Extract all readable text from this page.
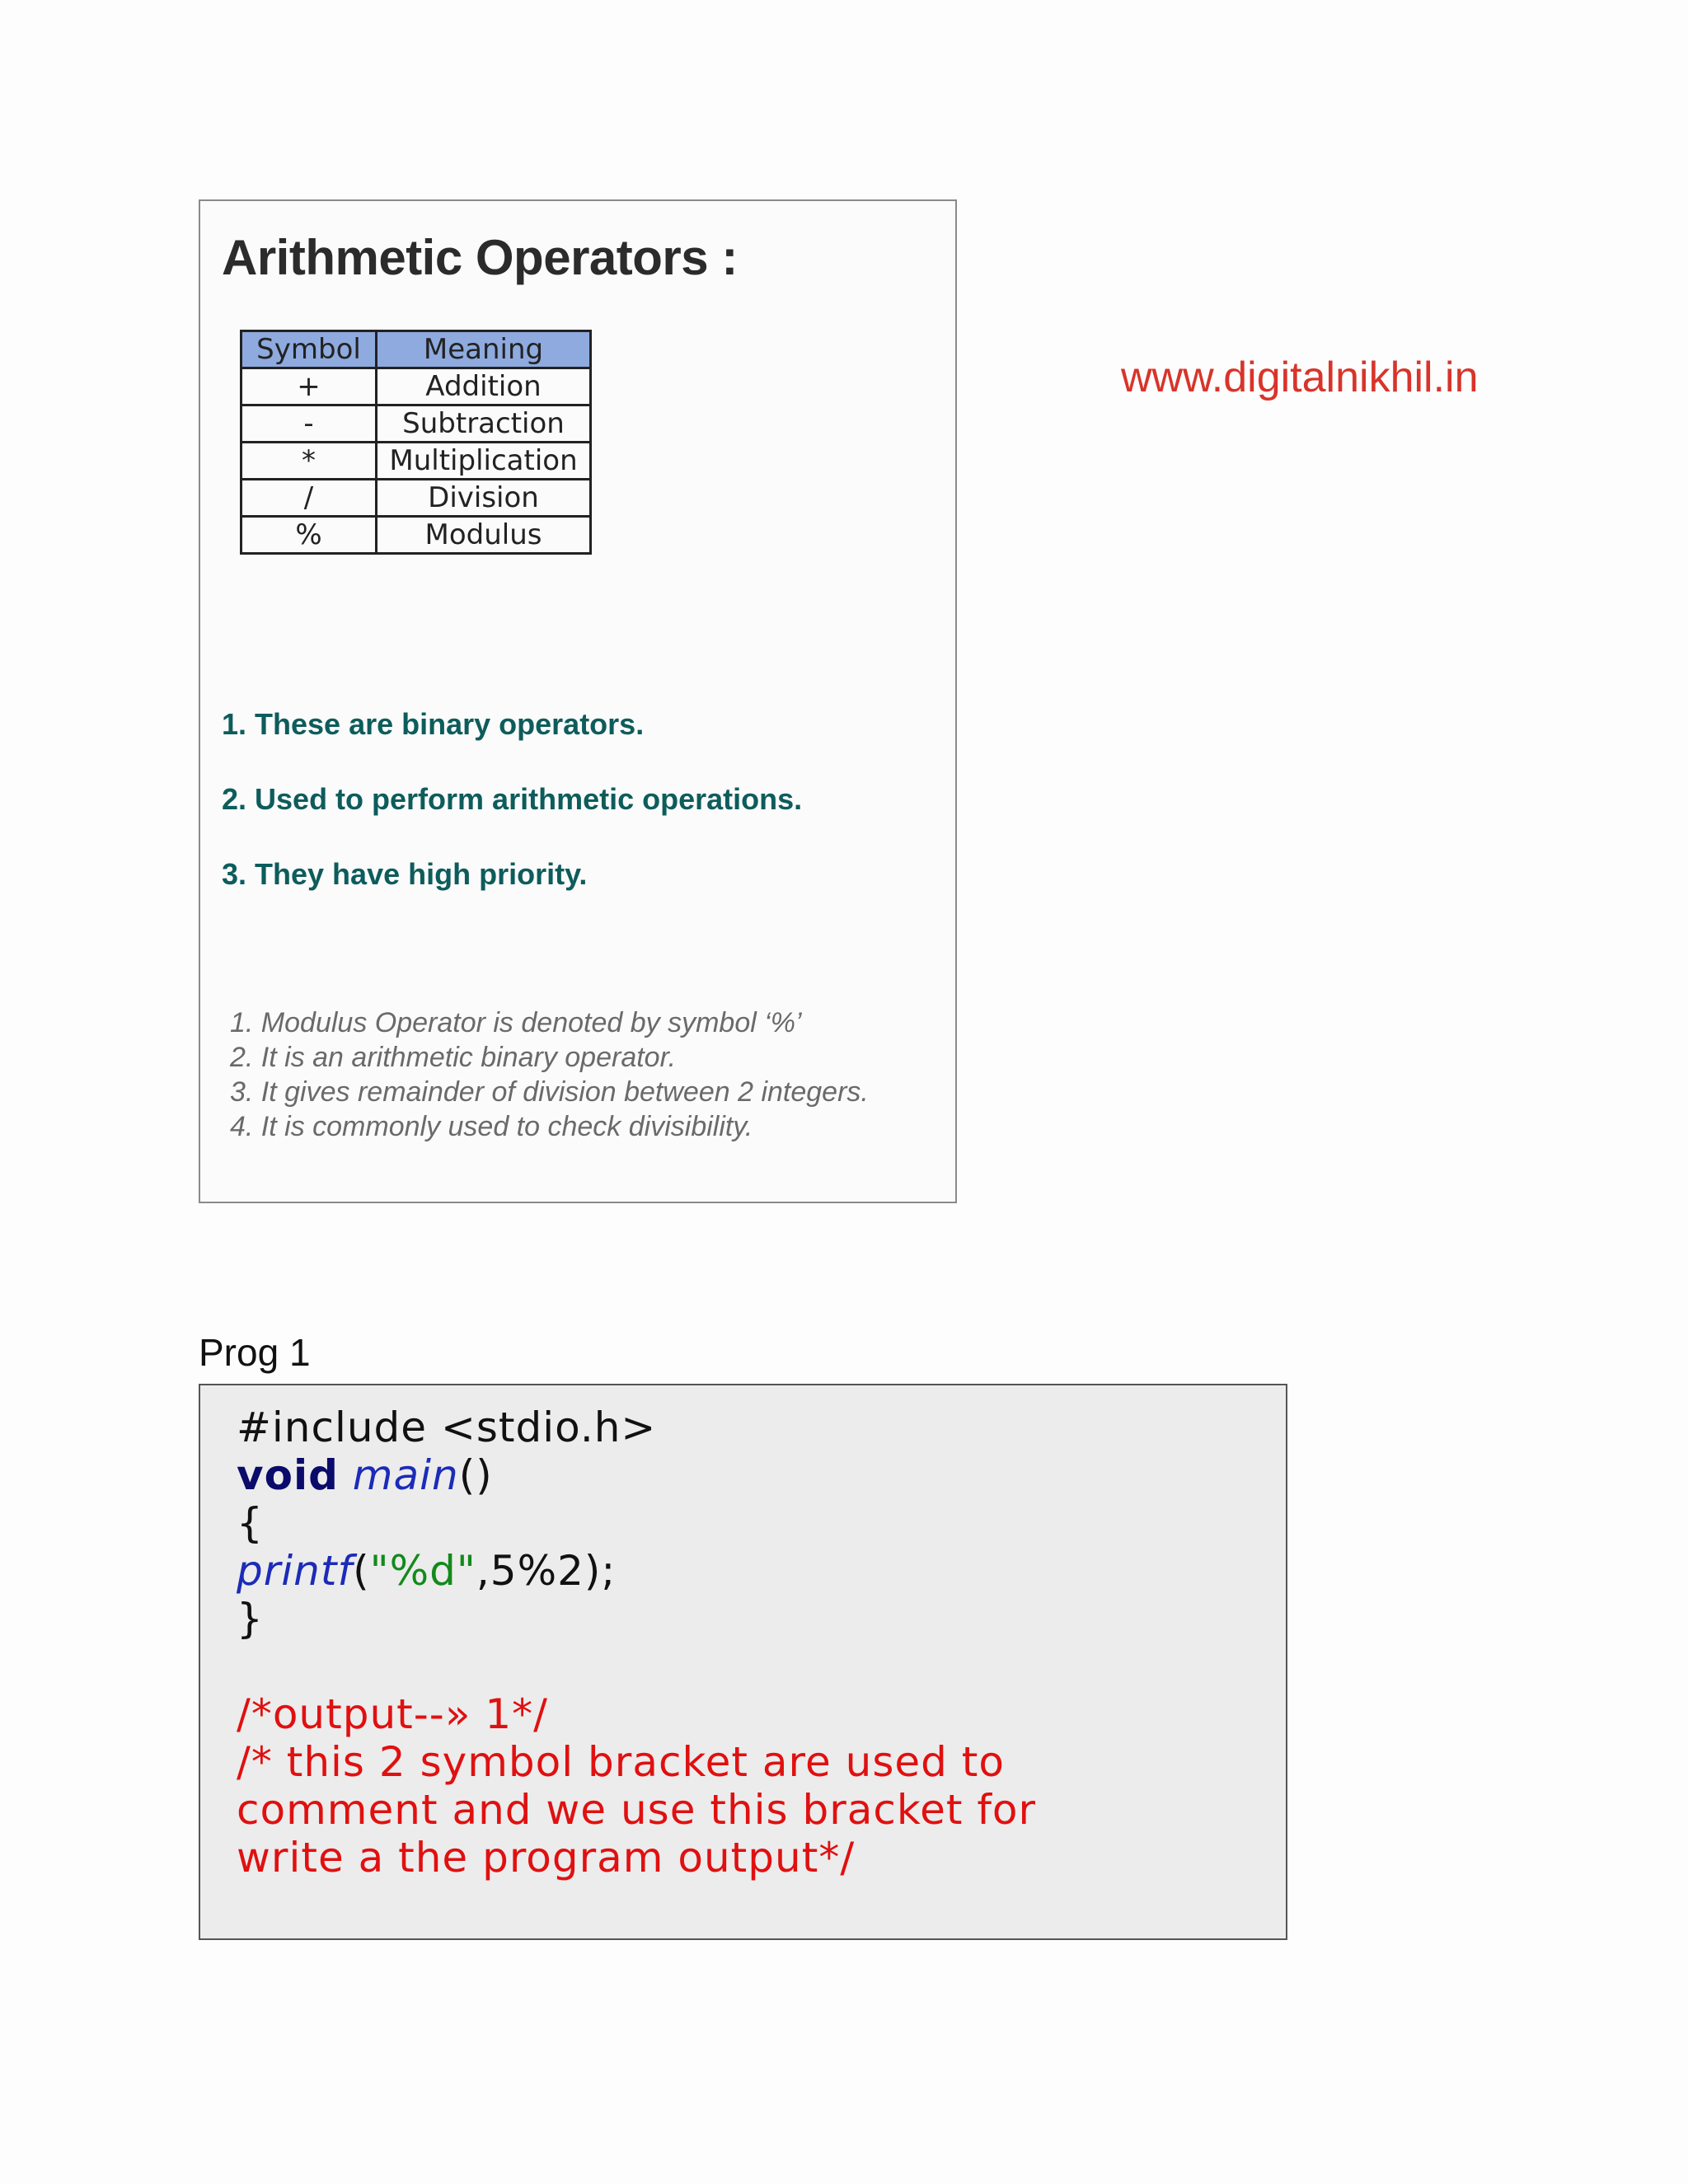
Arithmetic Operators :
Symbol	Meaning
+	Addition
-	Subtraction
*	Multiplication
/	Division
%	Modulus
1. These are binary operators.
2. Used to perform arithmetic operations.
3. They have high priority.
1. Modulus Operator is denoted by symbol ‘%’
2. It is an arithmetic binary operator.
3. It gives remainder of division between 2 integers.
4. It is commonly used to check divisibility.
www.digitalnikhil.in
Prog 1
#include <stdio.h>
void main()
{
printf("%d",5%2);
}
/*output--» 1*/
/* this 2 symbol bracket are used to
comment and we use this bracket for
write a the program output*/
